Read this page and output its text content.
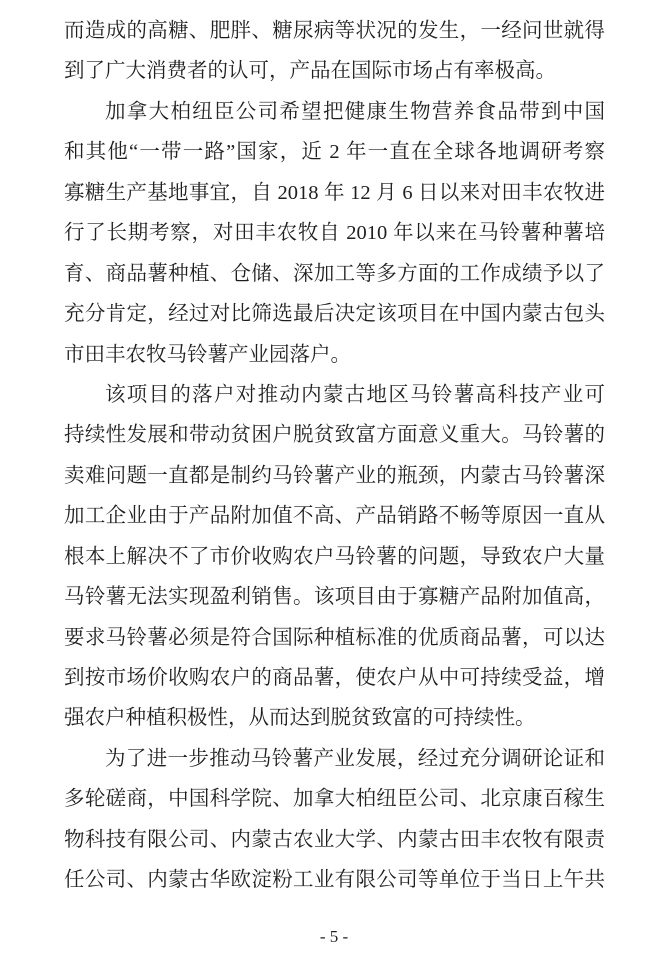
而造成的高糖、肥胖、糖尿病等状况的发生，一经问世就得
到了广大消费者的认可，产品在国际市场占有率极高。
加拿大柏纽臣公司希望把健康生物营养食品带到中国
和其他“一带一路”国家，近 2 年一直在全球各地调研考察
寡糖生产基地事宜，自 2018 年 12 月 6 日以来对田丰农牧进
行了长期考察，对田丰农牧自 2010 年以来在马铃薯种薯培
育、商品薯种植、仓储、深加工等多方面的工作成绩予以了
充分肯定，经过对比筛选最后决定该项目在中国内蒙古包头
市田丰农牧马铃薯产业园落户。
该项目的落户对推动内蒙古地区马铃薯高科技产业可
持续性发展和带动贫困户脱贫致富方面意义重大。马铃薯的
卖难问题一直都是制约马铃薯产业的瓶颈，内蒙古马铃薯深
加工企业由于产品附加值不高、产品销路不畅等原因一直从
根本上解决不了市价收购农户马铃薯的问题，导致农户大量
马铃薯无法实现盈利销售。该项目由于寡糖产品附加值高，
要求马铃薯必须是符合国际种植标准的优质商品薯，可以达
到按市场价收购农户的商品薯，使农户从中可持续受益，增
强农户种植积极性，从而达到脱贫致富的可持续性。
为了进一步推动马铃薯产业发展，经过充分调研论证和
多轮磋商，中国科学院、加拿大柏纽臣公司、北京康百稼生
物科技有限公司、内蒙古农业大学、内蒙古田丰农牧有限责
任公司、内蒙古华欧淀粉工业有限公司等单位于当日上午共
- 5 -
